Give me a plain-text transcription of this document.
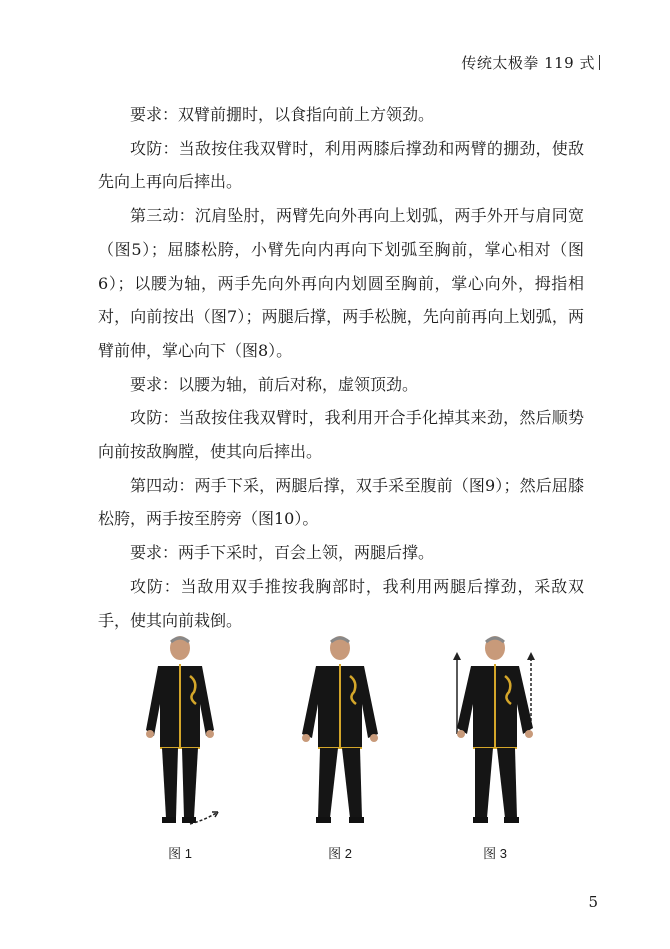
传统太极拳 119 式

要求：双臂前掤时，以食指向前上方领劲。

攻防：当敌按住我双臂时，利用两膝后撑劲和两臂的掤劲，使敌先向上再向后摔出。

第三动：沉肩坠肘，两臂先向外再向上划弧，两手外开与肩同宽（图5）；屈膝松胯，小臂先向内再向下划弧至胸前，掌心相对（图6）；以腰为轴，两手先向外再向内划圆至胸前，掌心向外，拇指相对，向前按出（图7）；两腿后撑，两手松腕，先向前再向上划弧，两臂前伸，掌心向下（图8）。

要求：以腰为轴，前后对称，虚领顶劲。

攻防：当敌按住我双臂时，我利用开合手化掉其来劲，然后顺势向前按敌胸膛，使其向后摔出。

第四动：两手下采，两腿后撑，双手采至腹前（图9）；然后屈膝松胯，两手按至胯旁（图10）。

要求：两手下采时，百会上领，两腿后撑。

攻防：当敌用双手推按我胸部时，我利用两腿后撑劲，采敌双手，使其向前栽倒。

图 1	图 2	图 3
5
